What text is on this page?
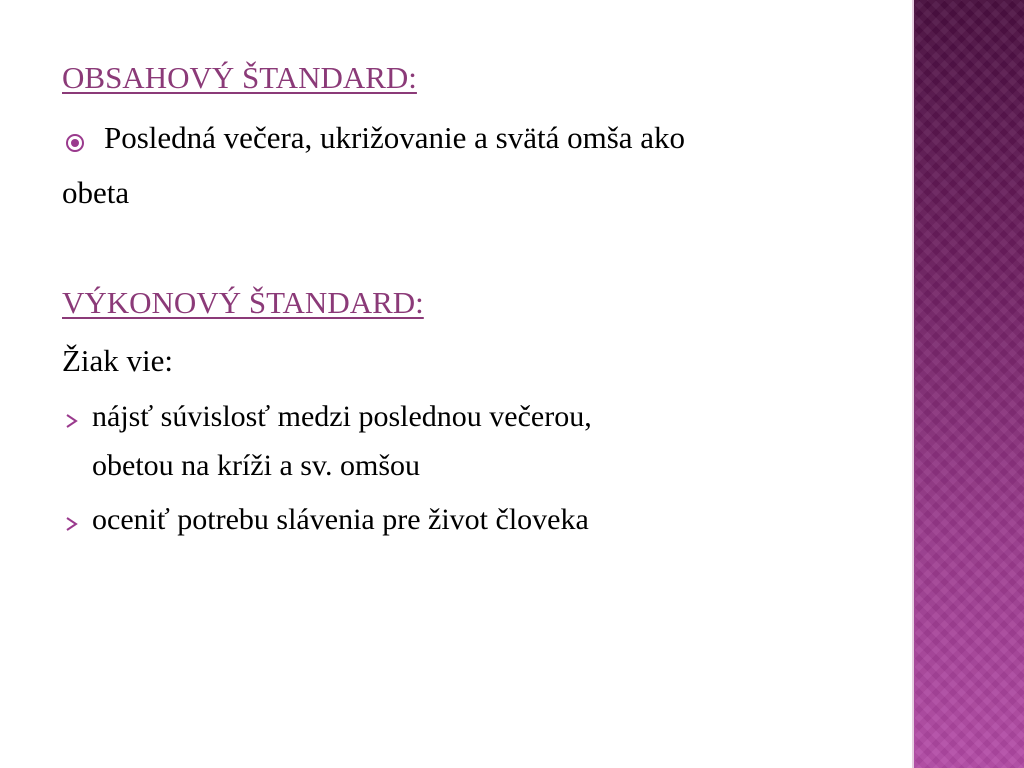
OBSAHOVÝ ŠTANDARD:
Posledná večera, ukrižovanie a svätá omša ako
obeta
VÝKONOVÝ ŠTANDARD:
Žiak vie:
nájsť súvislosť medzi poslednou večerou,
obetou na kríži a sv. omšou
oceniť potrebu slávenia pre život človeka
